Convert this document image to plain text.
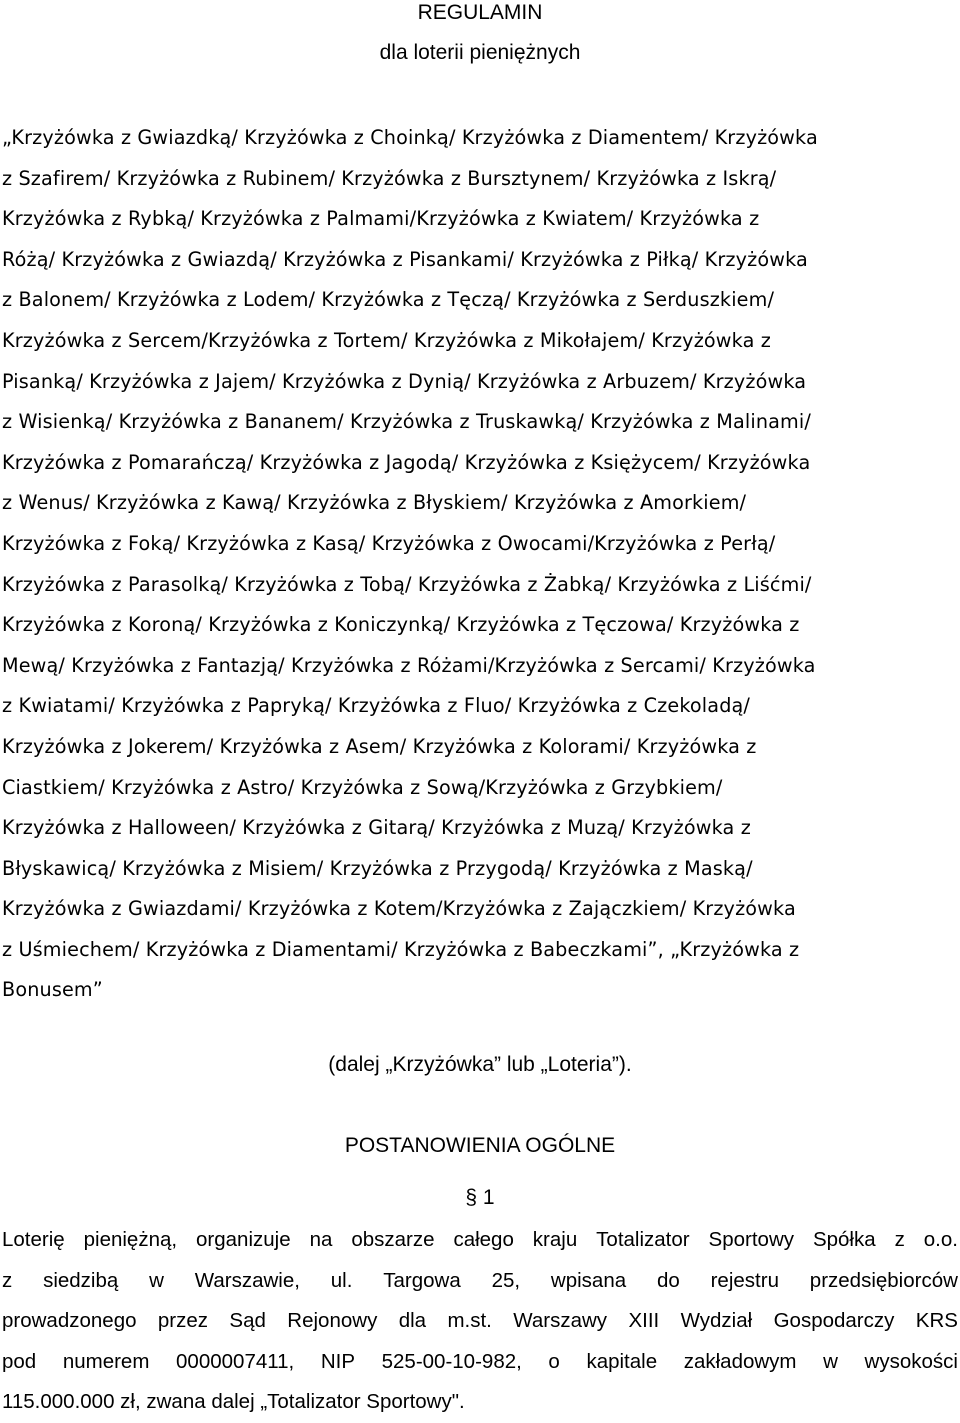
REGULAMIN
dla loterii pieniężnych
„Krzyżówka z Gwiazdką/ Krzyżówka z Choinką/ Krzyżówka z Diamentem/ Krzyżówka
z Szafirem/ Krzyżówka z Rubinem/ Krzyżówka z Bursztynem/ Krzyżówka z Iskrą/
Krzyżówka z Rybką/ Krzyżówka z Palmami/Krzyżówka z Kwiatem/ Krzyżówka z
Różą/ Krzyżówka z Gwiazdą/ Krzyżówka z Pisankami/ Krzyżówka z Piłką/ Krzyżówka
z Balonem/ Krzyżówka z Lodem/ Krzyżówka z Tęczą/ Krzyżówka z Serduszkiem/
Krzyżówka z Sercem/Krzyżówka z Tortem/ Krzyżówka z Mikołajem/ Krzyżówka z
Pisanką/ Krzyżówka z Jajem/ Krzyżówka z Dynią/ Krzyżówka z Arbuzem/ Krzyżówka
z Wisienką/ Krzyżówka z Bananem/ Krzyżówka z Truskawką/ Krzyżówka z Malinami/
Krzyżówka z Pomarańczą/ Krzyżówka z Jagodą/ Krzyżówka z Księżycem/ Krzyżówka
z Wenus/ Krzyżówka z Kawą/ Krzyżówka z Błyskiem/ Krzyżówka z Amorkiem/
Krzyżówka z Foką/ Krzyżówka z Kasą/ Krzyżówka z Owocami/Krzyżówka z Perłą/
Krzyżówka z Parasolką/ Krzyżówka z Tobą/ Krzyżówka z Żabką/ Krzyżówka z Liśćmi/
Krzyżówka z Koroną/ Krzyżówka z Koniczynką/ Krzyżówka z Tęczowa/ Krzyżówka z
Mewą/ Krzyżówka z Fantazją/ Krzyżówka z Różami/Krzyżówka z Sercami/ Krzyżówka
z Kwiatami/ Krzyżówka z Papryką/ Krzyżówka z Fluo/ Krzyżówka z Czekoladą/
Krzyżówka z Jokerem/ Krzyżówka z Asem/ Krzyżówka z Kolorami/ Krzyżówka z
Ciastkiem/ Krzyżówka z Astro/ Krzyżówka z Sową/Krzyżówka z Grzybkiem/
Krzyżówka z Halloween/ Krzyżówka z Gitarą/ Krzyżówka z Muzą/ Krzyżówka z
Błyskawicą/ Krzyżówka z Misiem/ Krzyżówka z Przygodą/ Krzyżówka z Maską/
Krzyżówka z Gwiazdami/ Krzyżówka z Kotem/Krzyżówka z Zajączkiem/ Krzyżówka
z Uśmiechem/ Krzyżówka z Diamentami/ Krzyżówka z Babeczkami”, „Krzyżówka z
Bonusem”
(dalej „Krzyżówka” lub „Loteria”).
POSTANOWIENIA OGÓLNE
§ 1
Loterię pieniężną, organizuje na obszarze całego kraju Totalizator Sportowy Spółka z o.o.
z siedzibą w Warszawie, ul. Targowa 25, wpisana do rejestru przedsiębiorców
prowadzonego przez Sąd Rejonowy dla m.st. Warszawy XIII Wydział Gospodarczy KRS
pod numerem 0000007411, NIP 525-00-10-982, o kapitale zakładowym w wysokości
115.000.000 zł, zwana dalej „Totalizator Sportowy".
